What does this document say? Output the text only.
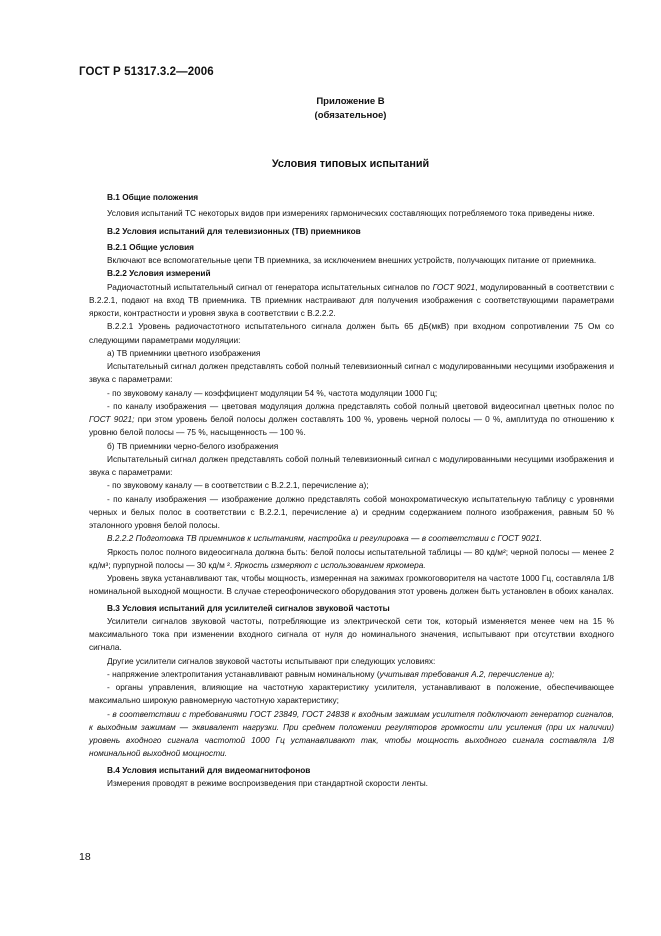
ГОСТ Р 51317.3.2—2006
Приложение В
(обязательное)
Условия типовых испытаний

В.1 Общие положения

Условия испытаний ТС некоторых видов при измерениях гармонических составляющих потребляемого тока приведены ниже.

В.2 Условия испытаний для телевизионных (ТВ) приемников

В.2.1 Общие условия

Включают все вспомогательные цепи ТВ приемника, за исключением внешних устройств, получающих питание от приемника.

В.2.2 Условия измерений

Радиочастотный испытательный сигнал от генератора испытательных сигналов по ГОСТ 9021, модулированный в соответствии с В.2.2.1, подают на вход ТВ приемника. ТВ приемник настраивают для получения изображения с соответствующими параметрами яркости, контрастности и уровня звука в соответствии с В.2.2.2.

В.2.2.1 Уровень радиочастотного испытательного сигнала должен быть 65 дБ(мкВ) при входном сопротивлении 75 Ом со следующими параметрами модуляции:

а) ТВ приемники цветного изображения

Испытательный сигнал должен представлять собой полный телевизионный сигнал с модулированными несущими изображения и звука с параметрами:

- по звуковому каналу — коэффициент модуляции 54 %, частота модуляции 1000 Гц;

- по каналу изображения — цветовая модуляция должна представлять собой полный цветовой видеосигнал цветных полос по ГОСТ 9021; при этом уровень белой полосы должен составлять 100 %, уровень черной полосы — 0 %, амплитуда по отношению к уровню белой полосы — 75 %, насыщенность — 100 %.

б) ТВ приемники черно-белого изображения

Испытательный сигнал должен представлять собой полный телевизионный сигнал с модулированными несущими изображения и звука с параметрами:

- по звуковому каналу — в соответствии с В.2.2.1, перечисление а);

- по каналу изображения — изображение должно представлять собой монохроматическую испытательную таблицу с уровнями черных и белых полос в соответствии с В.2.2.1, перечисление а) и средним содержанием полного изображения, равным 50 % эталонного уровня белой полосы.

В.2.2.2 Подготовка ТВ приемников к испытаниям, настройка и регулировка — в соответствии с ГОСТ 9021.

Яркость полос полного видеосигнала должна быть: белой полосы испытательной таблицы — 80 кд/м²; черной полосы — менее 2 кд/м³; пурпурной полосы — 30 кд/м ². Яркость измеряют с использованием яркомера.

Уровень звука устанавливают так, чтобы мощность, измеренная на зажимах громкоговорителя на частоте 1000 Гц, составляла 1/8 номинальной выходной мощности. В случае стереофонического оборудования этот уровень должен быть установлен в обоих каналах.

В.3 Условия испытаний для усилителей сигналов звуковой частоты

Усилители сигналов звуковой частоты, потребляющие из электрической сети ток, который изменяется менее чем на 15 % максимального тока при изменении входного сигнала от нуля до номинального значения, испытывают при отсутствии входного сигнала.

Другие усилители сигналов звуковой частоты испытывают при следующих условиях:

- напряжение электропитания устанавливают равным номинальному (учитывая требования А.2, перечисление а);

- органы управления, влияющие на частотную характеристику усилителя, устанавливают в положение, обеспечивающее максимально широкую равномерную частотную характеристику;

- в соответствии с требованиями ГОСТ 23849, ГОСТ 24838 к входным зажимам усилителя подключают генератор сигналов, к выходным зажимам — эквивалент нагрузки. При среднем положении регуляторов громкости или усиления (при их наличии) уровень входного сигнала частотой 1000 Гц устанавливают так, чтобы мощность выходного сигнала составляла 1/8 номинальной выходной мощности.

В.4 Условия испытаний для видеомагнитофонов

Измерения проводят в режиме воспроизведения при стандартной скорости ленты.

18
